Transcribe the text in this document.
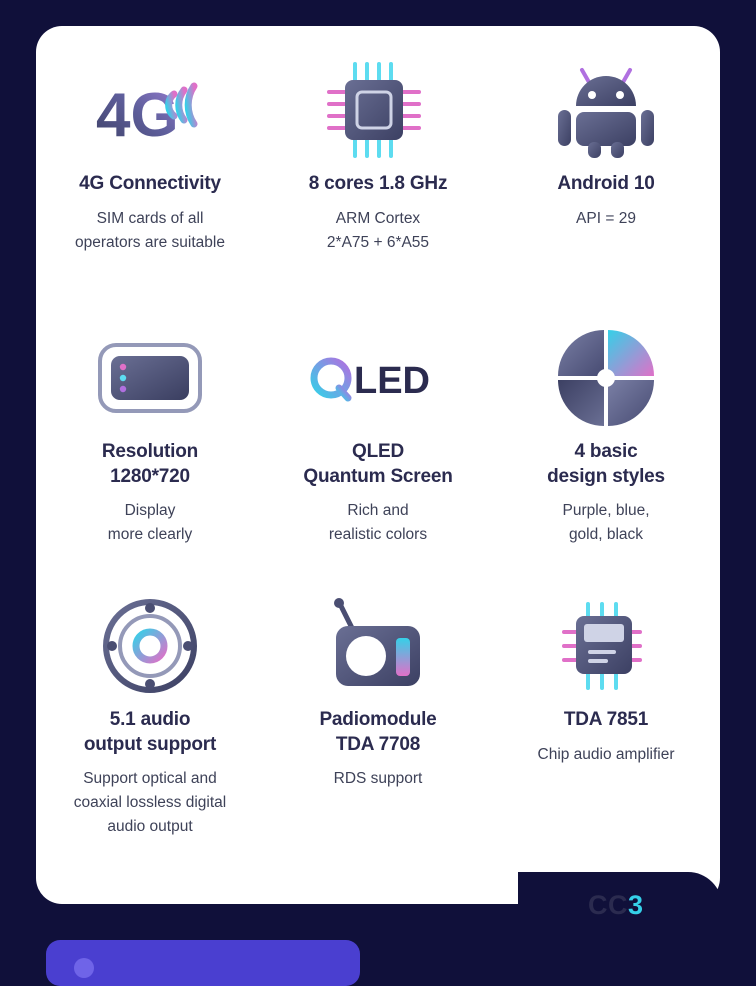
4G

4G Connectivity

SIM cards of all
operators are suitable

8 cores 1.8 GHz

ARM Cortex
2*A75 + 6*A55

Android 10

API = 29

Resolution
1280*720

Display
more clearly

LED

QLED
Quantum Screen

Rich and
realistic colors

4 basic
design styles

Purple, blue,
gold, black

5.1 audio
output support

Support optical and
coaxial lossless digital
audio output

Padiomodule
TDA 7708

RDS support

TDA 7851

Chip audio amplifier

CC3
